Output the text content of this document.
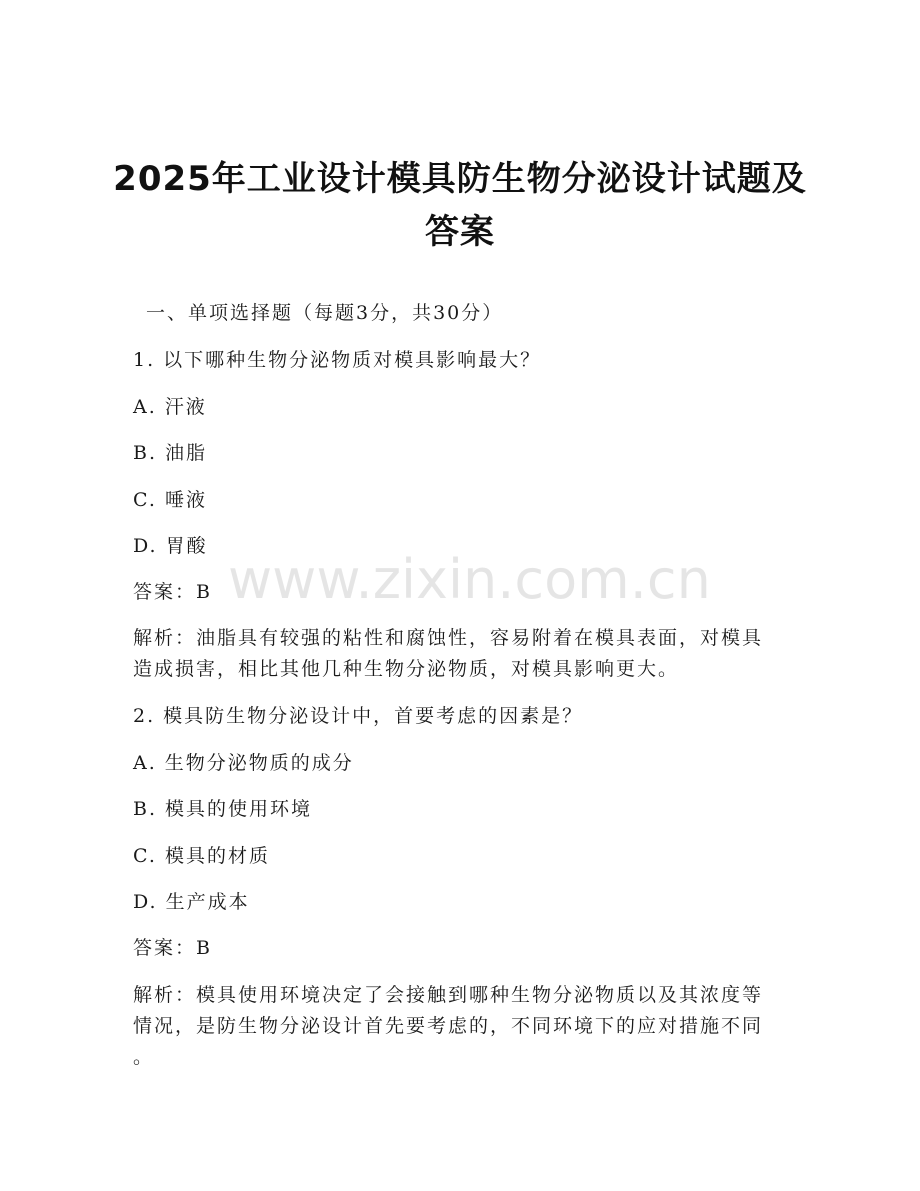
2025年工业设计模具防生物分泌设计试题及
答案
一、单项选择题（每题3分，共30分）
1. 以下哪种生物分泌物质对模具影响最大？
A. 汗液
B. 油脂
C. 唾液
D. 胃酸
答案：B
解析：油脂具有较强的粘性和腐蚀性，容易附着在模具表面，对模具
造成损害，相比其他几种生物分泌物质，对模具影响更大。
2. 模具防生物分泌设计中，首要考虑的因素是？
A. 生物分泌物质的成分
B. 模具的使用环境
C. 模具的材质
D. 生产成本
答案：B
解析：模具使用环境决定了会接触到哪种生物分泌物质以及其浓度等
情况，是防生物分泌设计首先要考虑的，不同环境下的应对措施不同
。
www.zixin.com.cn
